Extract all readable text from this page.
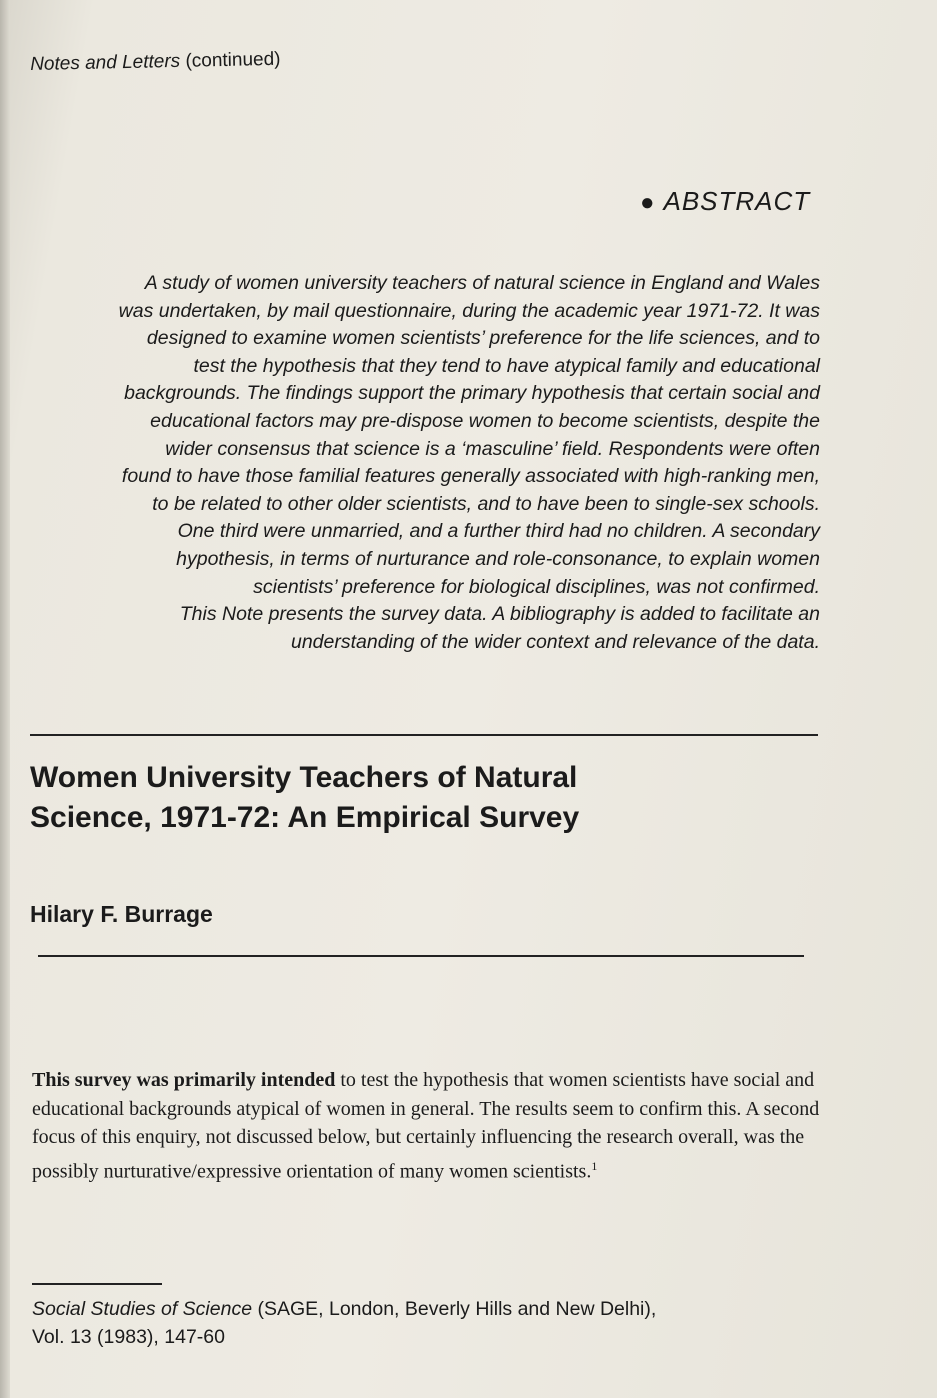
Notes and Letters (continued)
● ABSTRACT
A study of women university teachers of natural science in England and Wales
was undertaken, by mail questionnaire, during the academic year 1971-72. It was
designed to examine women scientists’ preference for the life sciences, and to
test the hypothesis that they tend to have atypical family and educational
backgrounds. The findings support the primary hypothesis that certain social and
educational factors may pre-dispose women to become scientists, despite the
wider consensus that science is a ‘masculine’ field. Respondents were often
found to have those familial features generally associated with high-ranking men,
to be related to other older scientists, and to have been to single-sex schools.
One third were unmarried, and a further third had no children. A secondary
hypothesis, in terms of nurturance and role-consonance, to explain women
scientists’ preference for biological disciplines, was not confirmed.
This Note presents the survey data. A bibliography is added to facilitate an
understanding of the wider context and relevance of the data.
Women University Teachers of Natural
Science, 1971-72: An Empirical Survey
Hilary F. Burrage
This survey was primarily intended to test the hypothesis that women scientists have social and educational backgrounds atypical of women in general. The results seem to confirm this. A second focus of this enquiry, not discussed below, but certainly influencing the research overall, was the possibly nurturative/expressive orientation of many women scientists.$^1$
Social Studies of Science (SAGE, London, Beverly Hills and New Delhi),
Vol. 13 (1983), 147-60
